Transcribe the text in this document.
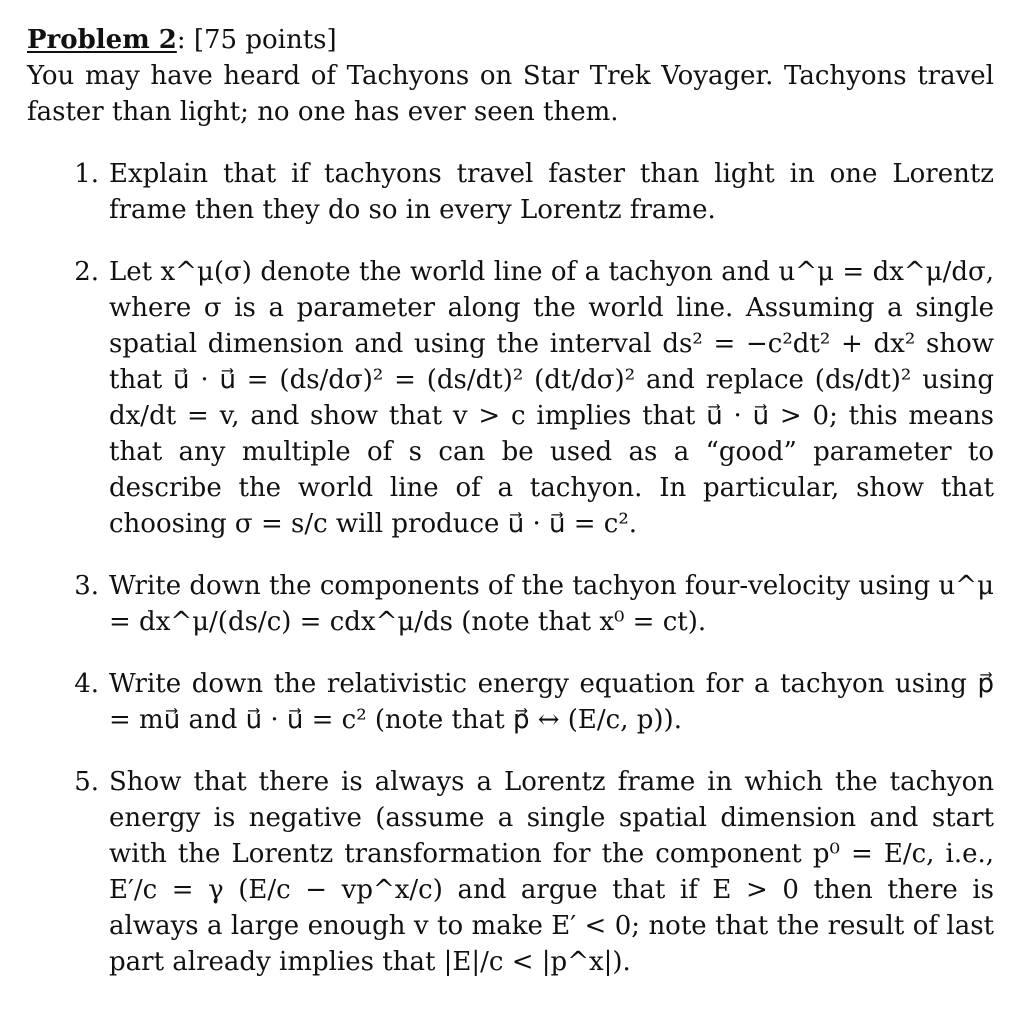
Problem 2: [75 points]

You may have heard of Tachyons on Star Trek Voyager. Tachyons travel faster than light; no one has ever seen them.

1. Explain that if tachyons travel faster than light in one Lorentz frame then they do so in every Lorentz frame.
2. Let x^μ(σ) denote the world line of a tachyon and u^μ = dx^μ/dσ, where σ is a parameter along the world line. Assuming a single spatial dimension and using the interval ds² = −c²dt² + dx² show that u⃗ · u⃗ = (ds/dσ)² = (ds/dt)² (dt/dσ)² and replace (ds/dt)² using dx/dt = v, and show that v > c implies that u⃗ · u⃗ > 0; this means that any multiple of s can be used as a “good” parameter to describe the world line of a tachyon. In particular, show that choosing σ = s/c will produce u⃗ · u⃗ = c².
3. Write down the components of the tachyon four-velocity using u^μ = dx^μ/(ds/c) = cdx^μ/ds (note that x⁰ = ct).
4. Write down the relativistic energy equation for a tachyon using p⃗ = mu⃗ and u⃗ · u⃗ = c² (note that p⃗ ↔ (E/c, p)).
5. Show that there is always a Lorentz frame in which the tachyon energy is negative (assume a single spatial dimension and start with the Lorentz transformation for the component p⁰ = E/c, i.e., E′/c = γ (E/c − vp^x/c) and argue that if E > 0 then there is always a large enough v to make E′ < 0; note that the result of last part already implies that |E|/c < |p^x|).
